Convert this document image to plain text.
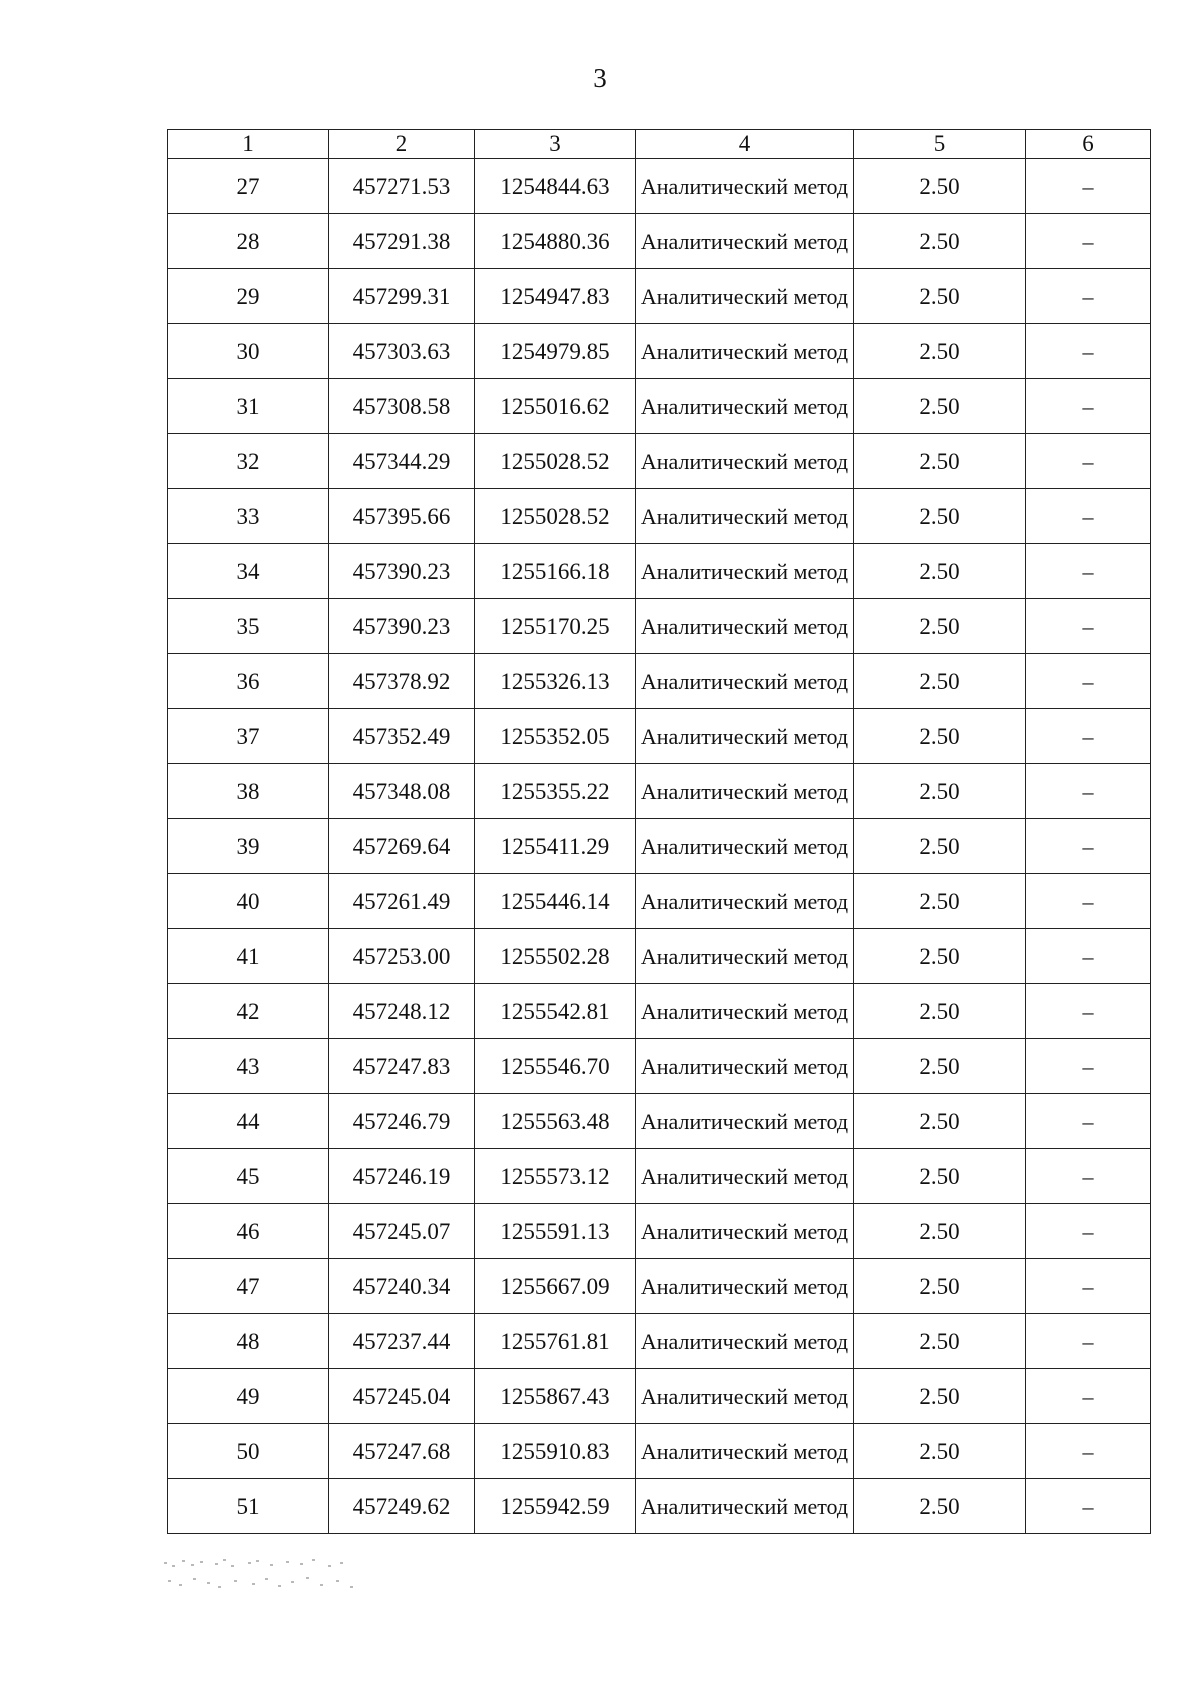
3
1	2	3	4	5	6
27	457271.53	1254844.63	Аналитический метод	2.50	–
28	457291.38	1254880.36	Аналитический метод	2.50	–
29	457299.31	1254947.83	Аналитический метод	2.50	–
30	457303.63	1254979.85	Аналитический метод	2.50	–
31	457308.58	1255016.62	Аналитический метод	2.50	–
32	457344.29	1255028.52	Аналитический метод	2.50	–
33	457395.66	1255028.52	Аналитический метод	2.50	–
34	457390.23	1255166.18	Аналитический метод	2.50	–
35	457390.23	1255170.25	Аналитический метод	2.50	–
36	457378.92	1255326.13	Аналитический метод	2.50	–
37	457352.49	1255352.05	Аналитический метод	2.50	–
38	457348.08	1255355.22	Аналитический метод	2.50	–
39	457269.64	1255411.29	Аналитический метод	2.50	–
40	457261.49	1255446.14	Аналитический метод	2.50	–
41	457253.00	1255502.28	Аналитический метод	2.50	–
42	457248.12	1255542.81	Аналитический метод	2.50	–
43	457247.83	1255546.70	Аналитический метод	2.50	–
44	457246.79	1255563.48	Аналитический метод	2.50	–
45	457246.19	1255573.12	Аналитический метод	2.50	–
46	457245.07	1255591.13	Аналитический метод	2.50	–
47	457240.34	1255667.09	Аналитический метод	2.50	–
48	457237.44	1255761.81	Аналитический метод	2.50	–
49	457245.04	1255867.43	Аналитический метод	2.50	–
50	457247.68	1255910.83	Аналитический метод	2.50	–
51	457249.62	1255942.59	Аналитический метод	2.50	–
